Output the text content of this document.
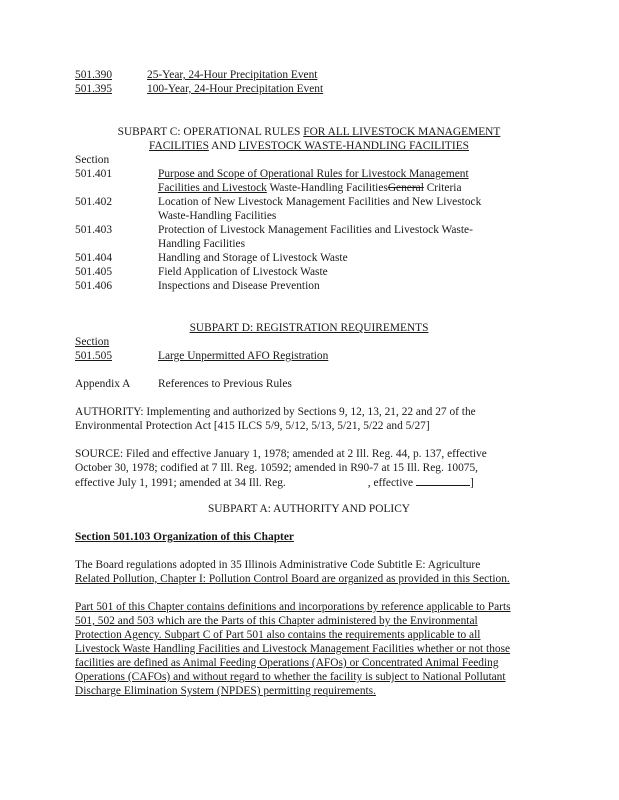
501.390	25-Year, 24-Hour Precipitation Event
501.395	100-Year, 24-Hour Precipitation Event
SUBPART C: OPERATIONAL RULES FOR ALL LIVESTOCK MANAGEMENT
FACILITIES AND LIVESTOCK WASTE-HANDLING FACILITIES
Section
501.401	Purpose and Scope of Operational Rules for Livestock Management
Facilities and Livestock Waste-Handling FacilitiesGeneral Criteria
501.402	Location of New Livestock Management Facilities and New Livestock
Waste-Handling Facilities
501.403	Protection of Livestock Management Facilities and Livestock Waste-
Handling Facilities
501.404	Handling and Storage of Livestock Waste
501.405	Field Application of Livestock Waste
501.406	Inspections and Disease Prevention
SUBPART D: REGISTRATION REQUIREMENTS
Section
501.505	Large Unpermitted AFO Registration
Appendix A References to Previous Rules
AUTHORITY: Implementing and authorized by Sections 9, 12, 13, 21, 22 and 27 of the
Environmental Protection Act [415 ILCS 5/9, 5/12, 5/13, 5/21, 5/22 and 5/27]
SOURCE: Filed and effective January 1, 1978; amended at 2 Ill. Reg. 44, p. 137, effective
October 30, 1978; codified at 7 Ill. Reg. 10592; amended in R90-7 at 15 Ill. Reg. 10075,
effective July 1, 1991; amended at 34 Ill. Reg.	, effective	]
SUBPART A: AUTHORITY AND POLICY
Section 501.103 Organization of this Chapter
The Board regulations adopted in 35 Illinois Administrative Code Subtitle E: Agriculture
Related Pollution, Chapter I: Pollution Control Board are organized as provided in this Section.
Part 501 of this Chapter contains definitions and incorporations by reference applicable to Parts
501, 502 and 503 which are the Parts of this Chapter administered by the Environmental
Protection Agency. Subpart C of Part 501 also contains the requirements applicable to all
Livestock Waste Handling Facilities and Livestock Management Facilities whether or not those
facilities are defined as Animal Feeding Operations (AFOs) or Concentrated Animal Feeding
Operations (CAFOs) and without regard to whether the facility is subject to National Pollutant
Discharge Elimination System (NPDES) permitting requirements.
